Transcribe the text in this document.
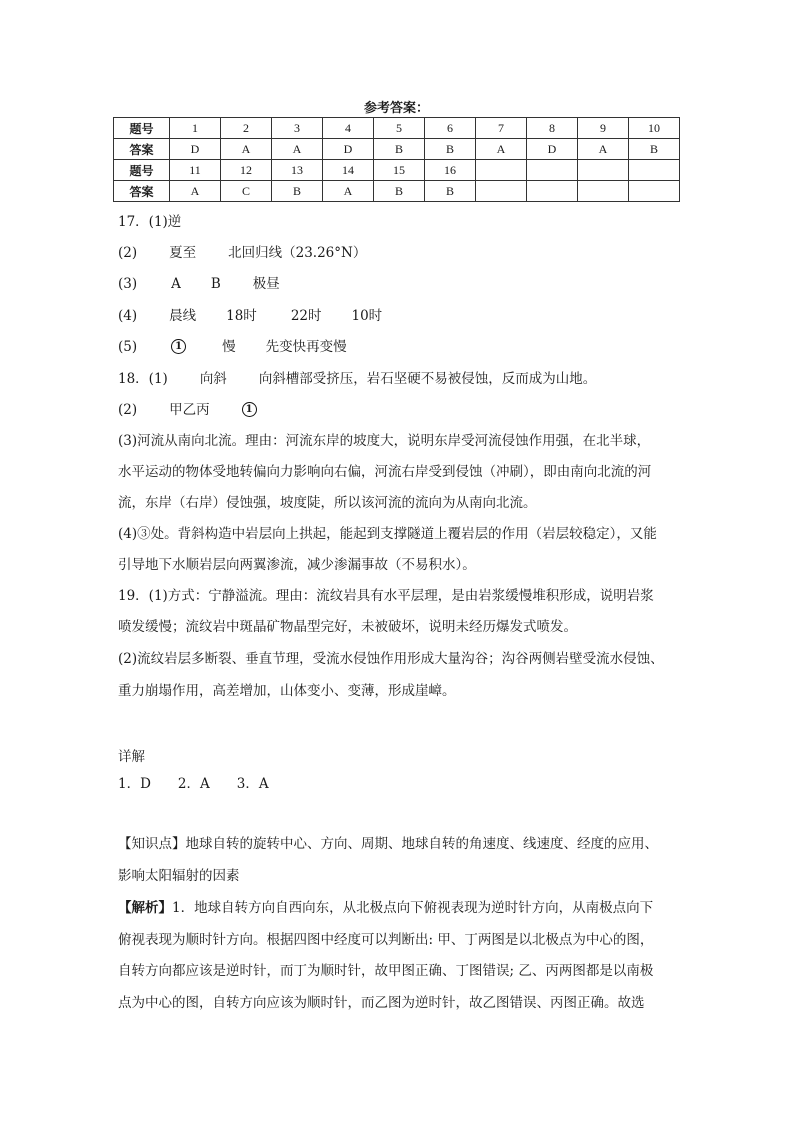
参考答案：
题号	1	2	3	4	5	6	7	8	9	10
答案	D	A	A	D	B	B	A	D	A	B
题号	11	12	13	14	15	16				
答案	A	C	B	A	B	B				
17．(1)逆
(2) 夏至 北回归线（23.26°N）
(3)	A B 极昼
(4) 晨线 18时	22时 10时
(5)	1	慢 先变快再变慢
18．(1) 向斜 向斜槽部受挤压，岩石坚硬不易被侵蚀，反而成为山地。
(2) 甲乙丙	1
(3)河流从南向北流。理由：河流东岸的坡度大，说明东岸受河流侵蚀作用强，在北半球，
水平运动的物体受地转偏向力影响向右偏，河流右岸受到侵蚀（冲刷），即由南向北流的河
流，东岸（右岸）侵蚀强，坡度陡，所以该河流的流向为从南向北流。
(4)③处。背斜构造中岩层向上拱起，能起到支撑隧道上覆岩层的作用（岩层较稳定），又能
引导地下水顺岩层向两翼渗流，减少渗漏事故（不易积水）。
19．(1)方式：宁静溢流。理由：流纹岩具有水平层理，是由岩浆缓慢堆积形成，说明岩浆
喷发缓慢；流纹岩中斑晶矿物晶型完好，未被破坏，说明未经历爆发式喷发。
(2)流纹岩层多断裂、垂直节理，受流水侵蚀作用形成大量沟谷；沟谷两侧岩壁受流水侵蚀、
重力崩塌作用，高差增加，山体变小、变薄，形成崖嶂。
详解
1．D　　2．A　　3．A
【知识点】地球自转的旋转中心、方向、周期、地球自转的角速度、线速度、经度的应用、
影响太阳辐射的因素
【解析】1．地球自转方向自西向东，从北极点向下俯视表现为逆时针方向，从南极点向下
俯视表现为顺时针方向。根据四图中经度可以判断出: 甲、丁两图是以北极点为中心的图，
自转方向都应该是逆时针，而丁为顺时针，故甲图正确、丁图错误; 乙、丙两图都是以南极
点为中心的图，自转方向应该为顺时针，而乙图为逆时针，故乙图错误、丙图正确。故选
